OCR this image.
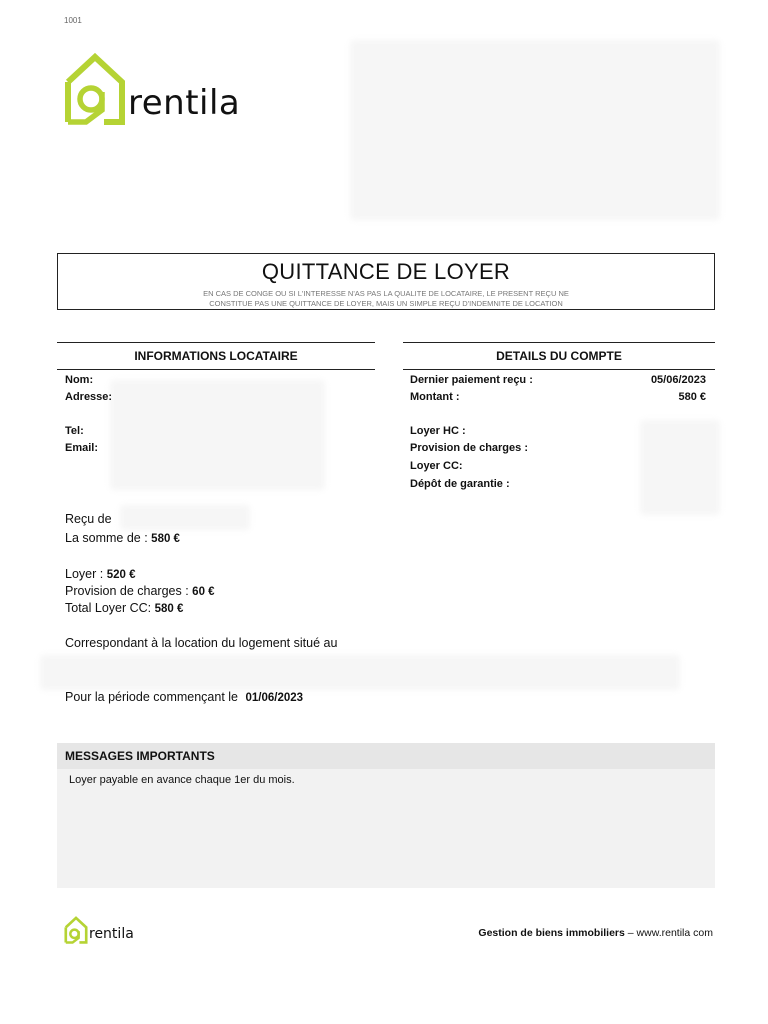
1001
rentila
QUITTANCE DE LOYER
EN CAS DE CONGE OU SI L'INTERESSE N'AS PAS LA QUALITE DE LOCATAIRE, LE PRESENT REÇU NE
CONSTITUE PAS UNE QUITTANCE DE LOYER, MAIS UN SIMPLE REÇU D'INDEMNITE DE LOCATION
INFORMATIONS LOCATAIRE	DETAILS DU COMPTE
Nom:
Adresse:
Tel:
Email:
Dernier paiement reçu :	05/06/2023
Montant :	580 €
Loyer HC :
Provision de charges :
Loyer CC:
Dépôt de garantie :
Reçu de
La somme de : 580 €
Loyer : 520 €
Provision de charges : 60 €
Total Loyer CC: 580 €
Correspondant à la location du logement situé au
Pour la période commençant le 01/06/2023
MESSAGES IMPORTANTS
Loyer payable en avance chaque 1er du mois.
rentila	Gestion de biens immobiliers – www.rentila com
